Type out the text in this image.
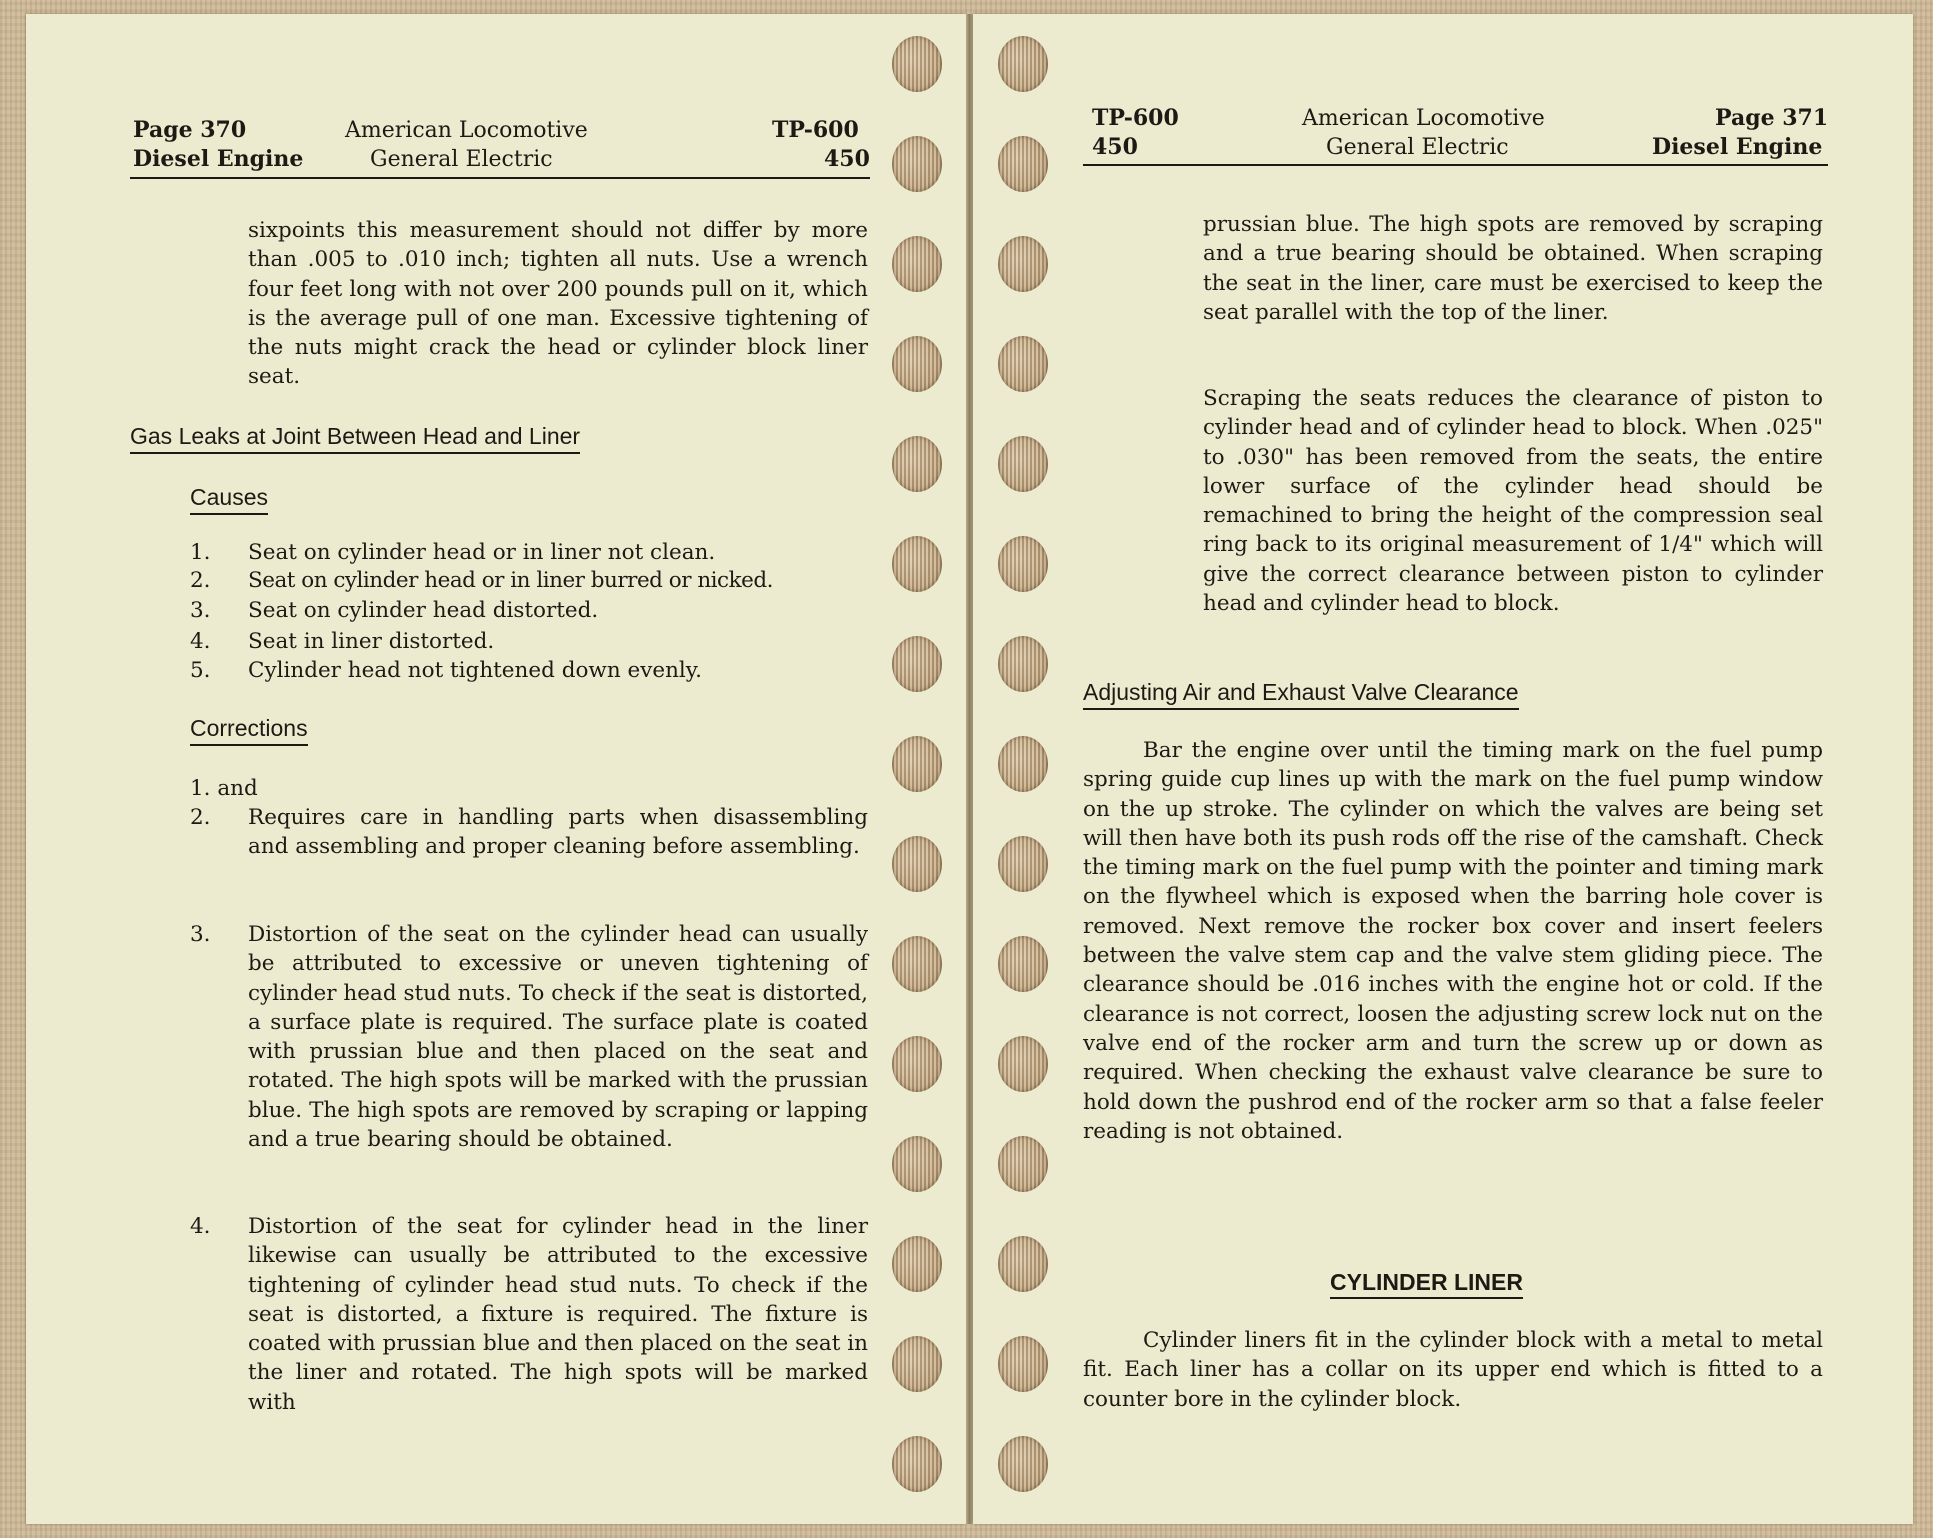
Page 370
Diesel Engine
American Locomotive
General Electric
TP-600
450
sixpoints this measurement should not differ by more than .005 to .010 inch; tighten all nuts. Use a wrench four feet long with not over 200 pounds pull on it, which is the average pull of one man. Excessive tightening of the nuts might crack the head or cylinder block liner seat.
Gas Leaks at Joint Between Head and Liner
Causes
1. Seat on cylinder head or in liner not clean.
2. Seat on cylinder head or in liner burred or nicked.
3. Seat on cylinder head distorted.
4. Seat in liner distorted.
5. Cylinder head not tightened down evenly.
Corrections
1. and
2. Requires care in handling parts when disassembling and assembling and proper cleaning before assembling.
3. Distortion of the seat on the cylinder head can usually be attributed to excessive or uneven tightening of cylinder head stud nuts. To check if the seat is distorted, a surface plate is required. The surface plate is coated with prussian blue and then placed on the seat and rotated. The high spots will be marked with the prussian blue. The high spots are removed by scraping or lapping and a true bearing should be obtained.
4. Distortion of the seat for cylinder head in the liner likewise can usually be attributed to the excessive tightening of cylinder head stud nuts. To check if the seat is distorted, a fixture is required. The fixture is coated with prussian blue and then placed on the seat in the liner and rotated. The high spots will be marked with
TP-600
450
American Locomotive
General Electric
Page 371
Diesel Engine
prussian blue. The high spots are removed by scraping and a true bearing should be obtained. When scraping the seat in the liner, care must be exercised to keep the seat parallel with the top of the liner.
Scraping the seats reduces the clearance of piston to cylinder head and of cylinder head to block. When .025" to .030" has been removed from the seats, the entire lower surface of the cylinder head should be remachined to bring the height of the compression seal ring back to its original measurement of 1/4" which will give the correct clearance between piston to cylinder head and cylinder head to block.
Adjusting Air and Exhaust Valve Clearance
Bar the engine over until the timing mark on the fuel pump spring guide cup lines up with the mark on the fuel pump window on the up stroke. The cylinder on which the valves are being set will then have both its push rods off the rise of the camshaft. Check the timing mark on the fuel pump with the pointer and timing mark on the flywheel which is exposed when the barring hole cover is removed. Next remove the rocker box cover and insert feelers between the valve stem cap and the valve stem gliding piece. The clearance should be .016 inches with the engine hot or cold. If the clearance is not correct, loosen the adjusting screw lock nut on the valve end of the rocker arm and turn the screw up or down as required. When checking the exhaust valve clearance be sure to hold down the pushrod end of the rocker arm so that a false feeler reading is not obtained.
CYLINDER LINER
Cylinder liners fit in the cylinder block with a metal to metal fit. Each liner has a collar on its upper end which is fitted to a counter bore in the cylinder block.
